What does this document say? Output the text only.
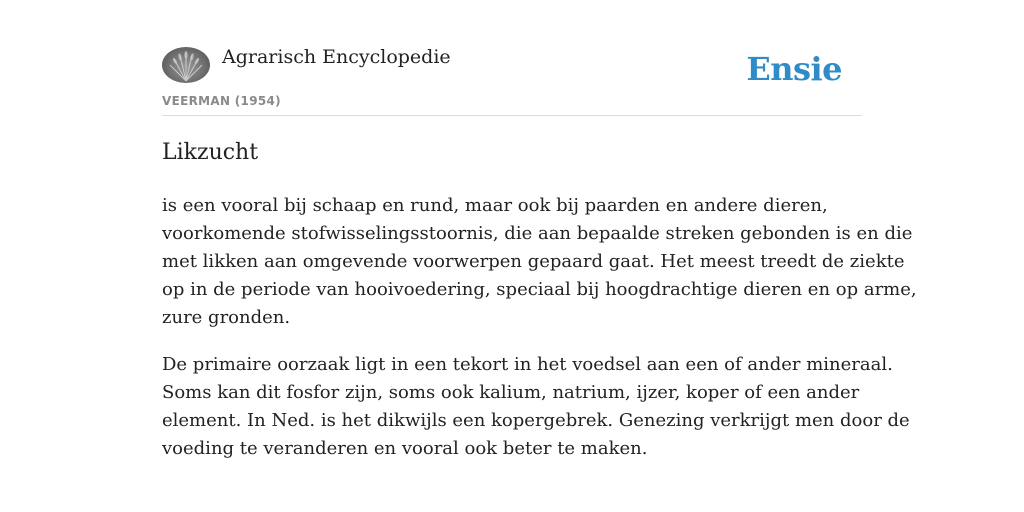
Agrarisch Encyclopedie
VEERMAN (1954)
Ensie
Likzucht

is een vooral bij schaap en rund, maar ook bij paarden en andere dieren,
voorkomende stofwisselingsstoornis, die aan bepaalde streken gebonden is en die
met likken aan omgevende voorwerpen gepaard gaat. Het meest treedt de ziekte
op in de periode van hooivoedering, speciaal bij hoogdrachtige dieren en op arme,
zure gronden.

De primaire oorzaak ligt in een tekort in het voedsel aan een of ander mineraal.
Soms kan dit fosfor zijn, soms ook kalium, natrium, ijzer, koper of een ander
element. In Ned. is het dikwijls een kopergebrek. Genezing verkrijgt men door de
voeding te veranderen en vooral ook beter te maken.
